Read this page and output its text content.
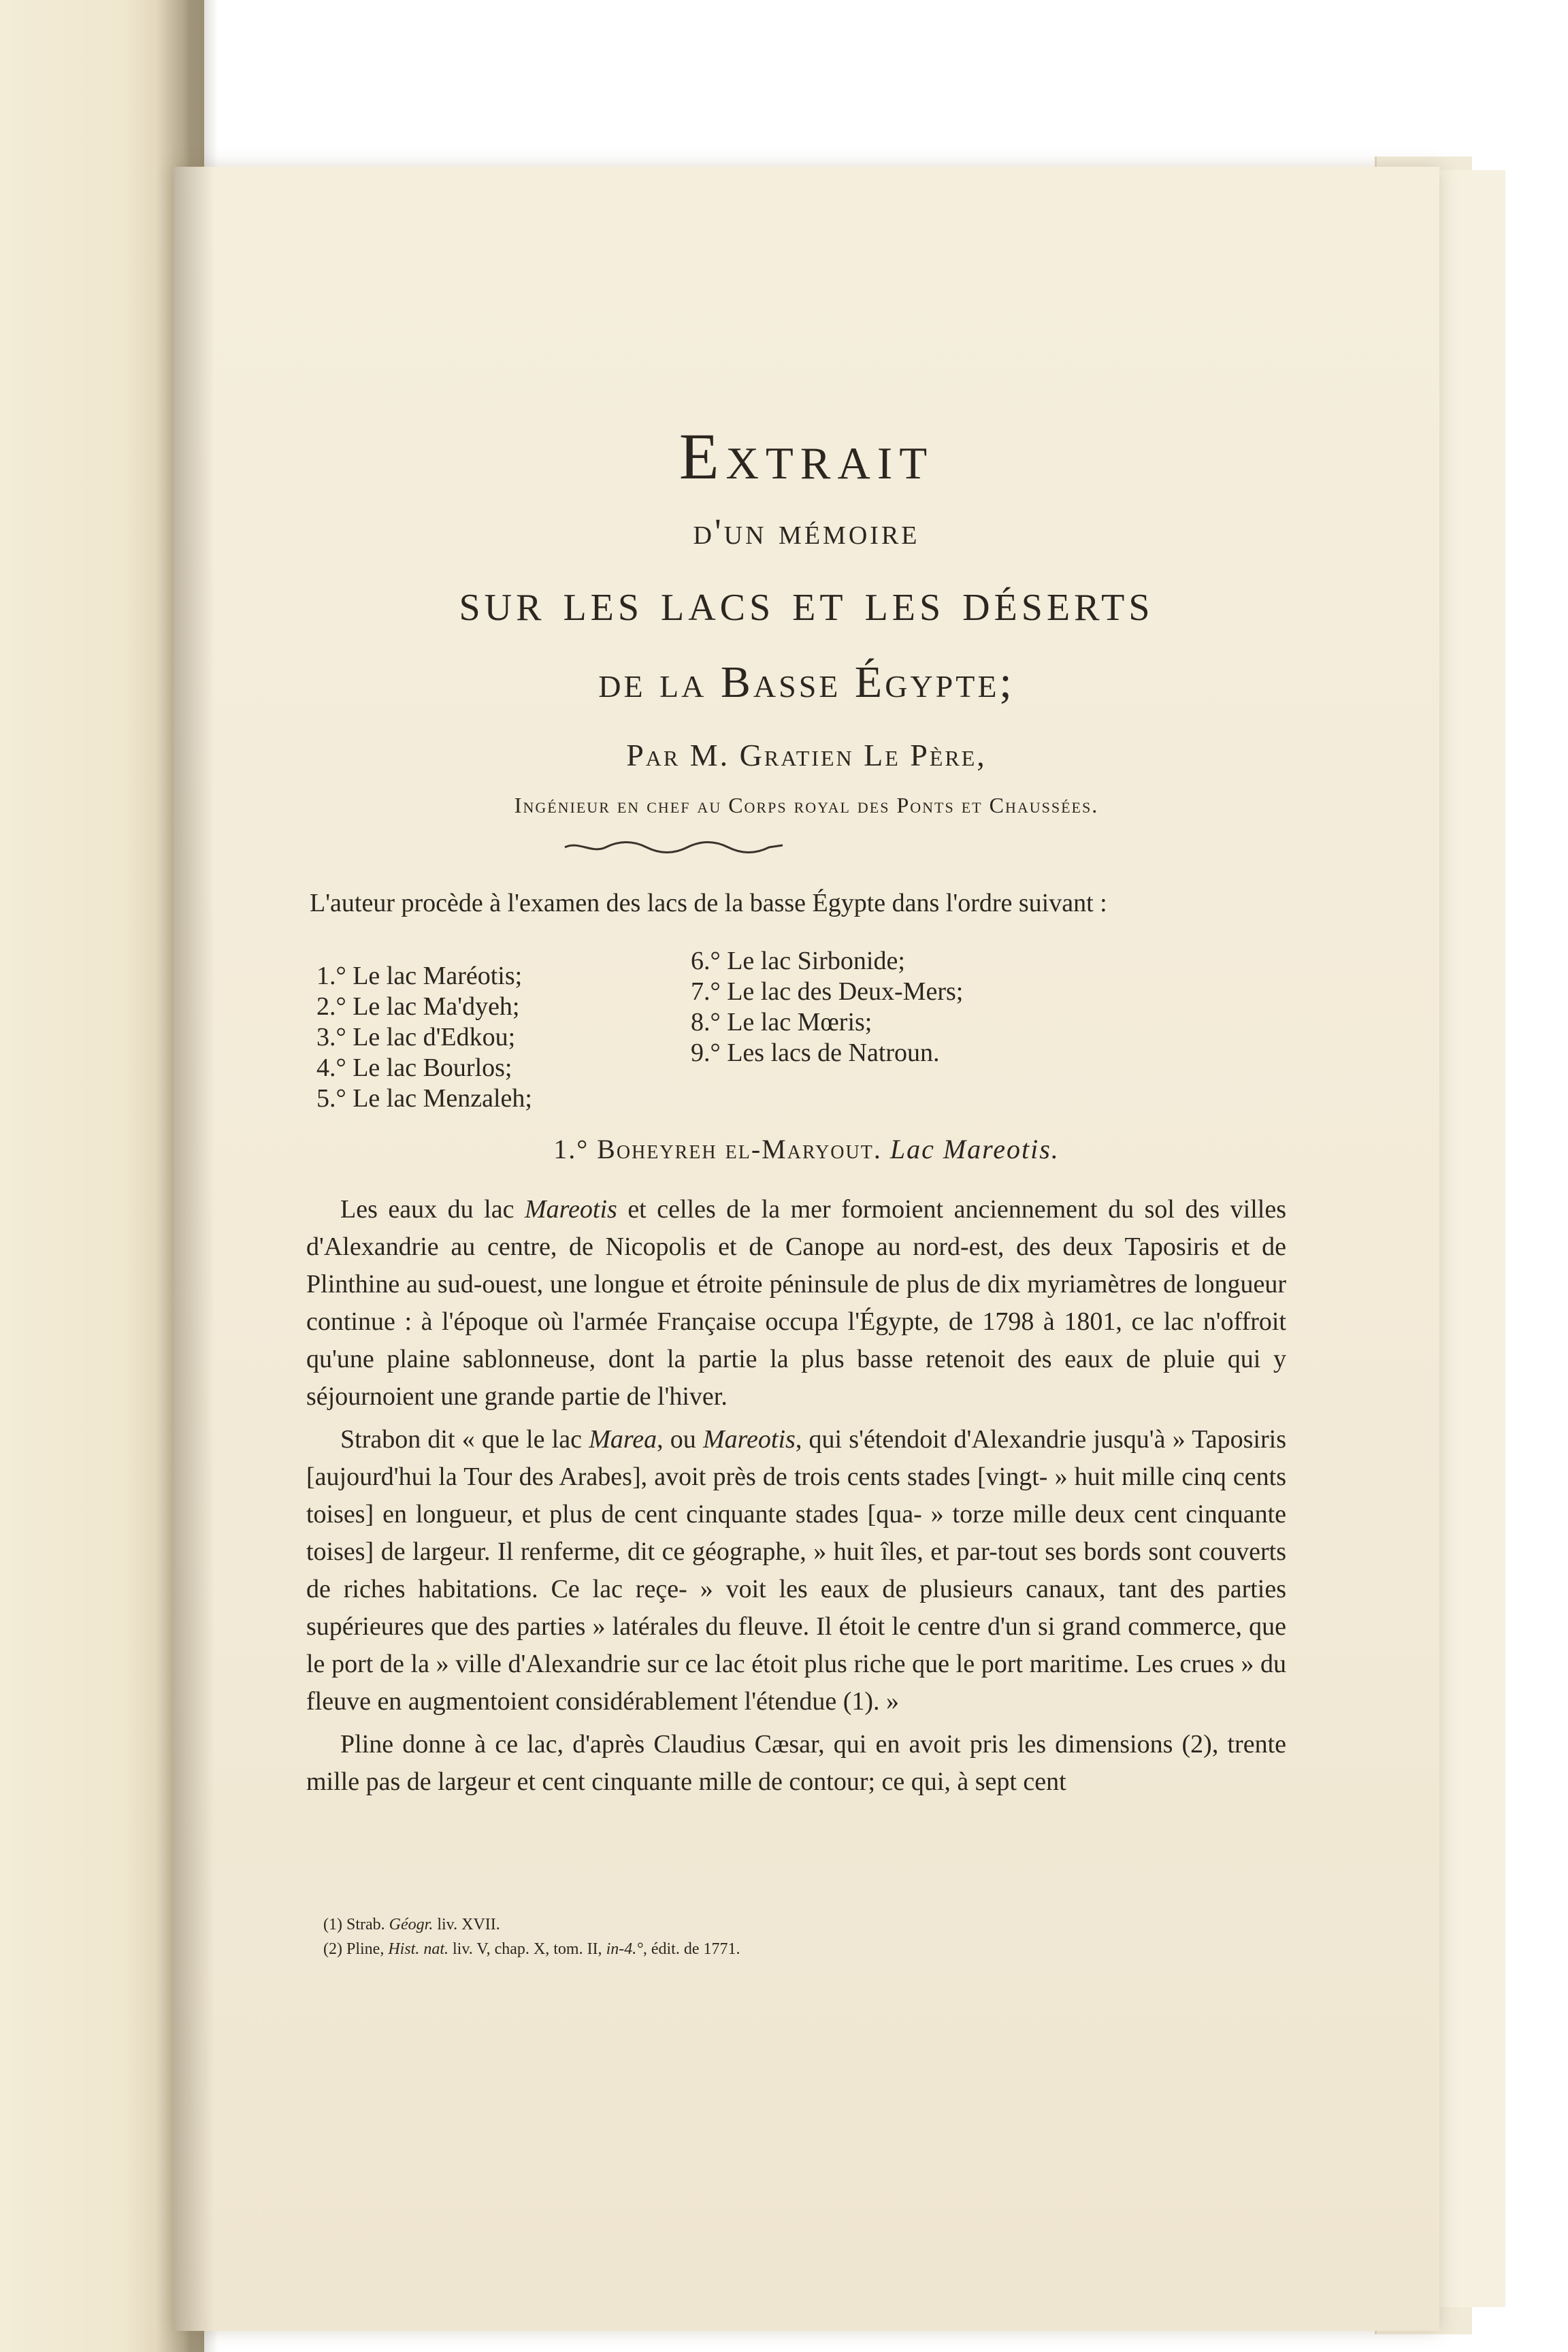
Extrait
d'un mémoire
sur les lacs et les déserts
de la Basse Égypte;
Par M. Gratien Le Père,
Ingénieur en chef au Corps royal des Ponts et Chaussées.
L'auteur procède à l'examen des lacs de la basse Égypte dans l'ordre suivant :
1.° Le lac Maréotis;
2.° Le lac Ma'dyeh;
3.° Le lac d'Edkou;
4.° Le lac Bourlos;
5.° Le lac Menzaleh;
6.° Le lac Sirbonide;
7.° Le lac des Deux-Mers;
8.° Le lac Mœris;
9.° Les lacs de Natroun.
1.° Boheyreh el-Maryout. Lac Mareotis.

Les eaux du lac Mareotis et celles de la mer formoient anciennement du sol des villes d'Alexandrie au centre, de Nicopolis et de Canope au nord-est, des deux Taposiris et de Plinthine au sud-ouest, une longue et étroite péninsule de plus de dix myriamètres de longueur continue : à l'époque où l'armée Française occupa l'Égypte, de 1798 à 1801, ce lac n'offroit qu'une plaine sablonneuse, dont la partie la plus basse retenoit des eaux de pluie qui y séjournoient une grande partie de l'hiver.

Strabon dit « que le lac Marea, ou Mareotis, qui s'étendoit d'Alexandrie jusqu'à » Taposiris [aujourd'hui la Tour des Arabes], avoit près de trois cents stades [vingt- » huit mille cinq cents toises] en longueur, et plus de cent cinquante stades [qua- » torze mille deux cent cinquante toises] de largeur. Il renferme, dit ce géographe, » huit îles, et par-tout ses bords sont couverts de riches habitations. Ce lac reçe- » voit les eaux de plusieurs canaux, tant des parties supérieures que des parties » latérales du fleuve. Il étoit le centre d'un si grand commerce, que le port de la » ville d'Alexandrie sur ce lac étoit plus riche que le port maritime. Les crues » du fleuve en augmentoient considérablement l'étendue (1). »

Pline donne à ce lac, d'après Claudius Cæsar, qui en avoit pris les dimensions (2), trente mille pas de largeur et cent cinquante mille de contour; ce qui, à sept cent

(1) Strab. Géogr. liv. XVII.
(2) Pline, Hist. nat. liv. V, chap. X, tom. II, in-4.°, édit. de 1771.
